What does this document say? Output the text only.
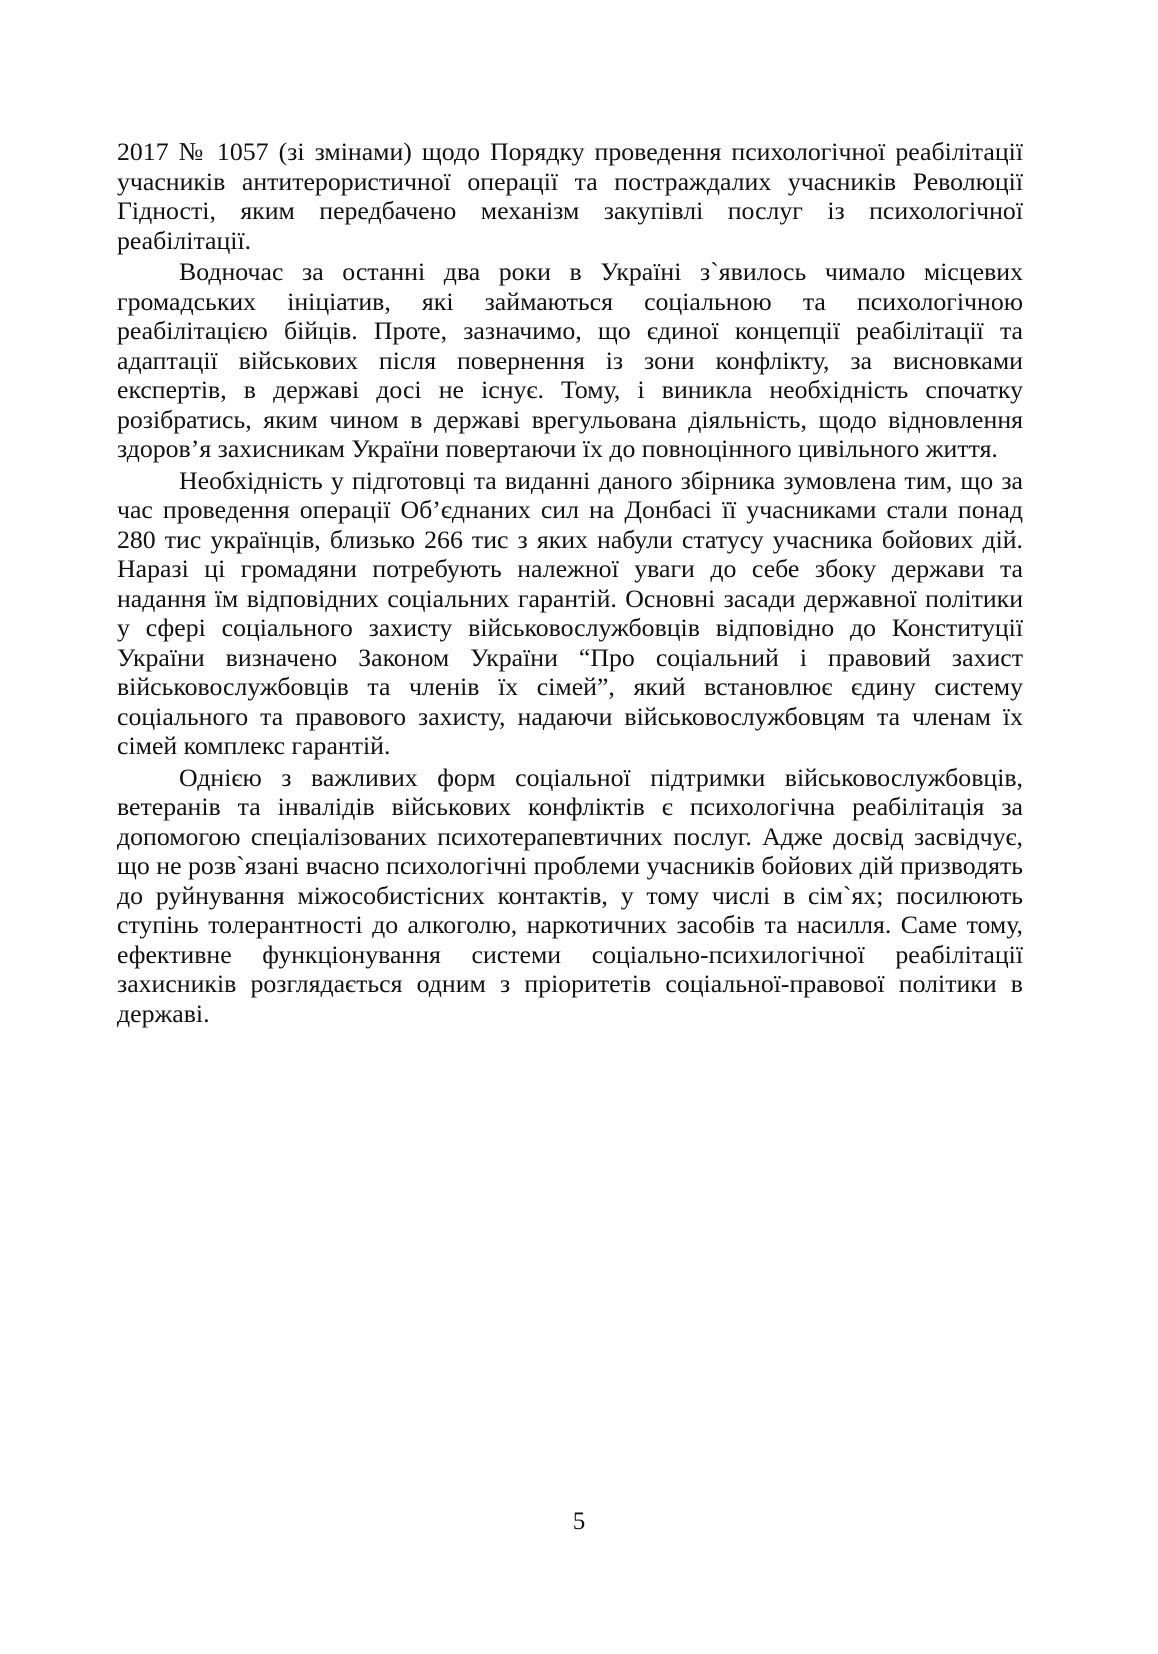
2017 № 1057 (зі змінами) щодо Порядку проведення психологічної реабілітації учасників антитерористичної операції та постраждалих учасників Революції Гідності, яким передбачено механізм закупівлі послуг із психологічної реабілітації.

Водночас за останні два роки в Україні з`явилось чимало місцевих громадських ініціатив, які займаються соціальною та психологічною реабілітацією бійців. Проте, зазначимо, що єдиної концепції реабілітації та адаптації військових після повернення із зони конфлікту, за висновками експертів, в державі досі не існує. Тому, і виникла необхідність спочатку розібратись, яким чином в державі врегульована діяльність, щодо відновлення здоров’я захисникам України повертаючи їх до повноцінного цивільного життя.

Необхідність у підготовці та виданні даного збірника зумовлена тим, що за час проведення операції Об’єднаних сил на Донбасі її учасниками стали понад 280 тис українців, близько 266 тис з яких набули статусу учасника бойових дій. Наразі ці громадяни потребують належної уваги до себе збоку держави та надання їм відповідних соціальних гарантій. Основні засади державної політики у сфері соціального захисту військовослужбовців відповідно до Конституції України визначено Законом України “Про соціальний і правовий захист військовослужбовців та членів їх сімей”, який встановлює єдину систему соціального та правового захисту, надаючи військовослужбовцям та членам їх сімей комплекс гарантій.

Однією з важливих форм соціальної підтримки військовослужбовців, ветеранів та інвалідів військових конфліктів є психологічна реабілітація за допомогою спеціалізованих психотерапевтичних послуг. Адже досвід засвідчує, що не розв`язані вчасно психологічні проблеми учасників бойових дій призводять до руйнування міжособистісних контактів, у тому числі в сім`ях; посилюють ступінь толерантності до алкоголю, наркотичних засобів та насилля. Саме тому, ефективне функціонування системи соціально-психилогічної реабілітації захисників розглядається одним з пріоритетів соціальної-правової політики в державі.

5
